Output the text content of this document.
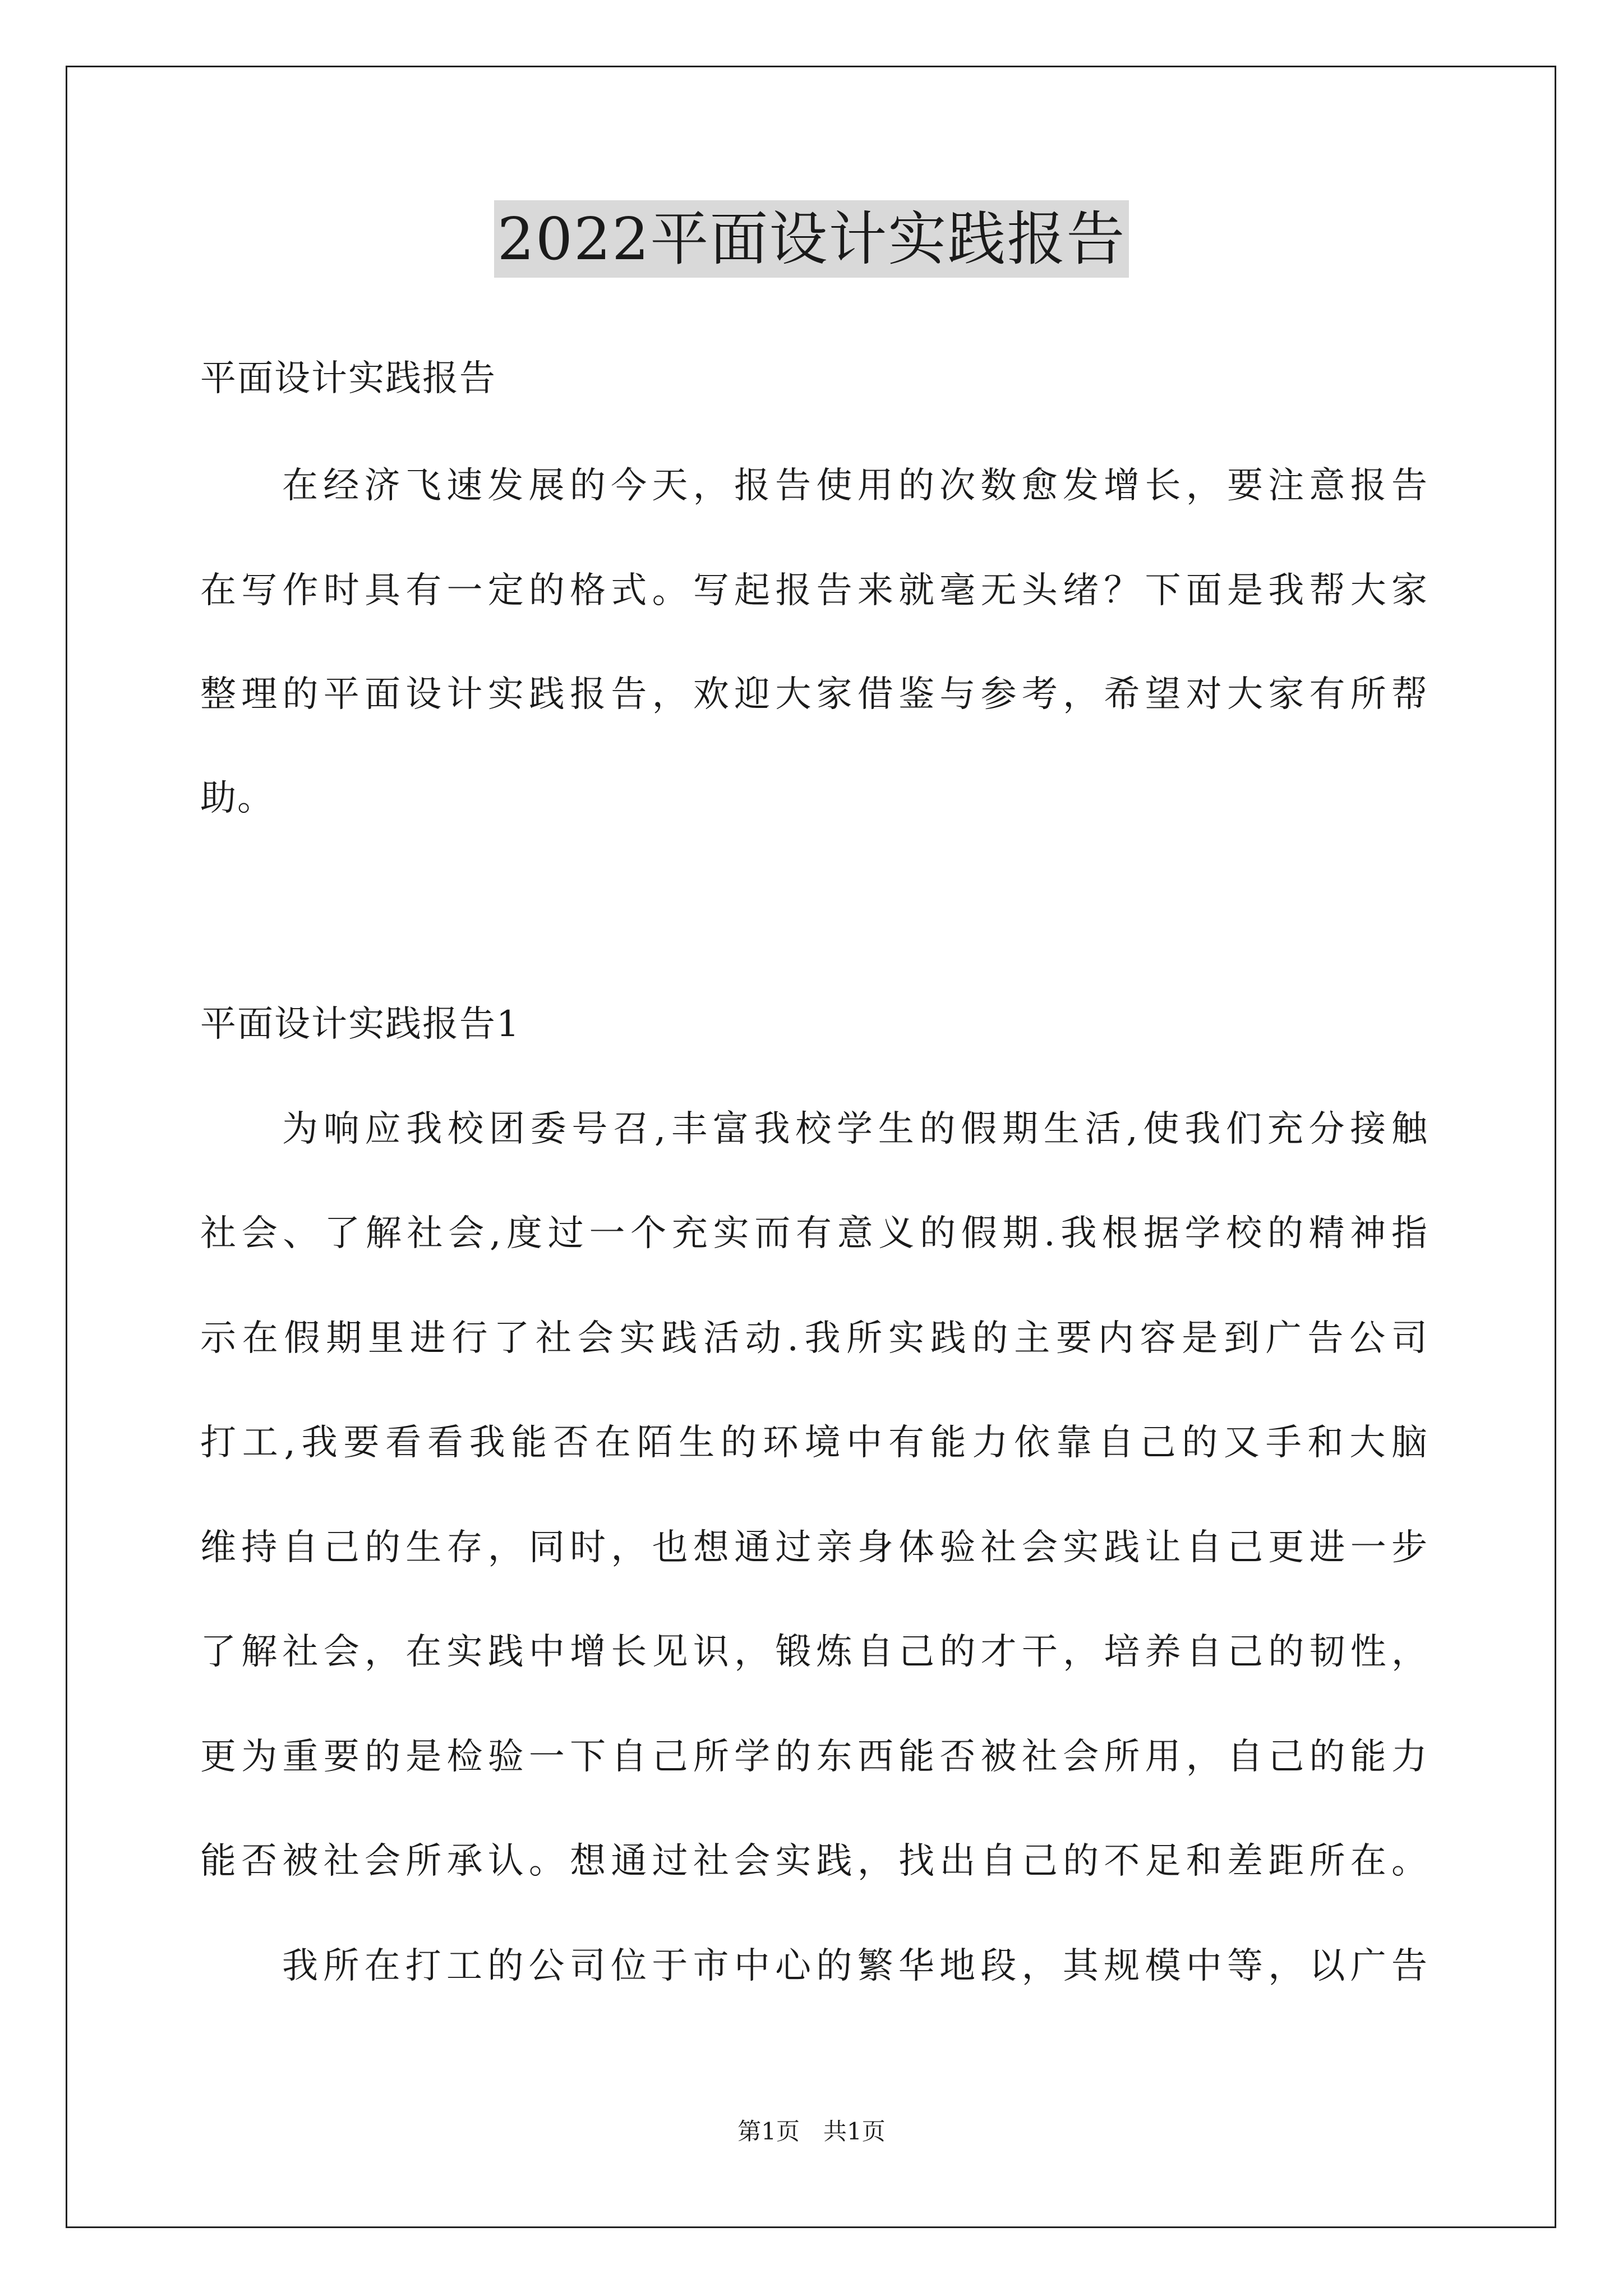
2022平面设计实践报告
平面设计实践报告
在经济飞速发展的今天，报告使用的次数愈发增长，要注意报告
在写作时具有一定的格式。写起报告来就毫无头绪？下面是我帮大家
整理的平面设计实践报告，欢迎大家借鉴与参考，希望对大家有所帮
助。
平面设计实践报告1
为响应我校团委号召,丰富我校学生的假期生活,使我们充分接触
社会、了解社会,度过一个充实而有意义的假期.我根据学校的精神指
示在假期里进行了社会实践活动.我所实践的主要内容是到广告公司
打工,我要看看我能否在陌生的环境中有能力依靠自己的又手和大脑
维持自己的生存，同时，也想通过亲身体验社会实践让自己更进一步
了解社会，在实践中增长见识，锻炼自己的才干，培养自己的韧性，
更为重要的是检验一下自己所学的东西能否被社会所用，自己的能力
能否被社会所承认。想通过社会实践，找出自己的不足和差距所在。
我所在打工的公司位于市中心的繁华地段，其规模中等，以广告
第1页　共1页
